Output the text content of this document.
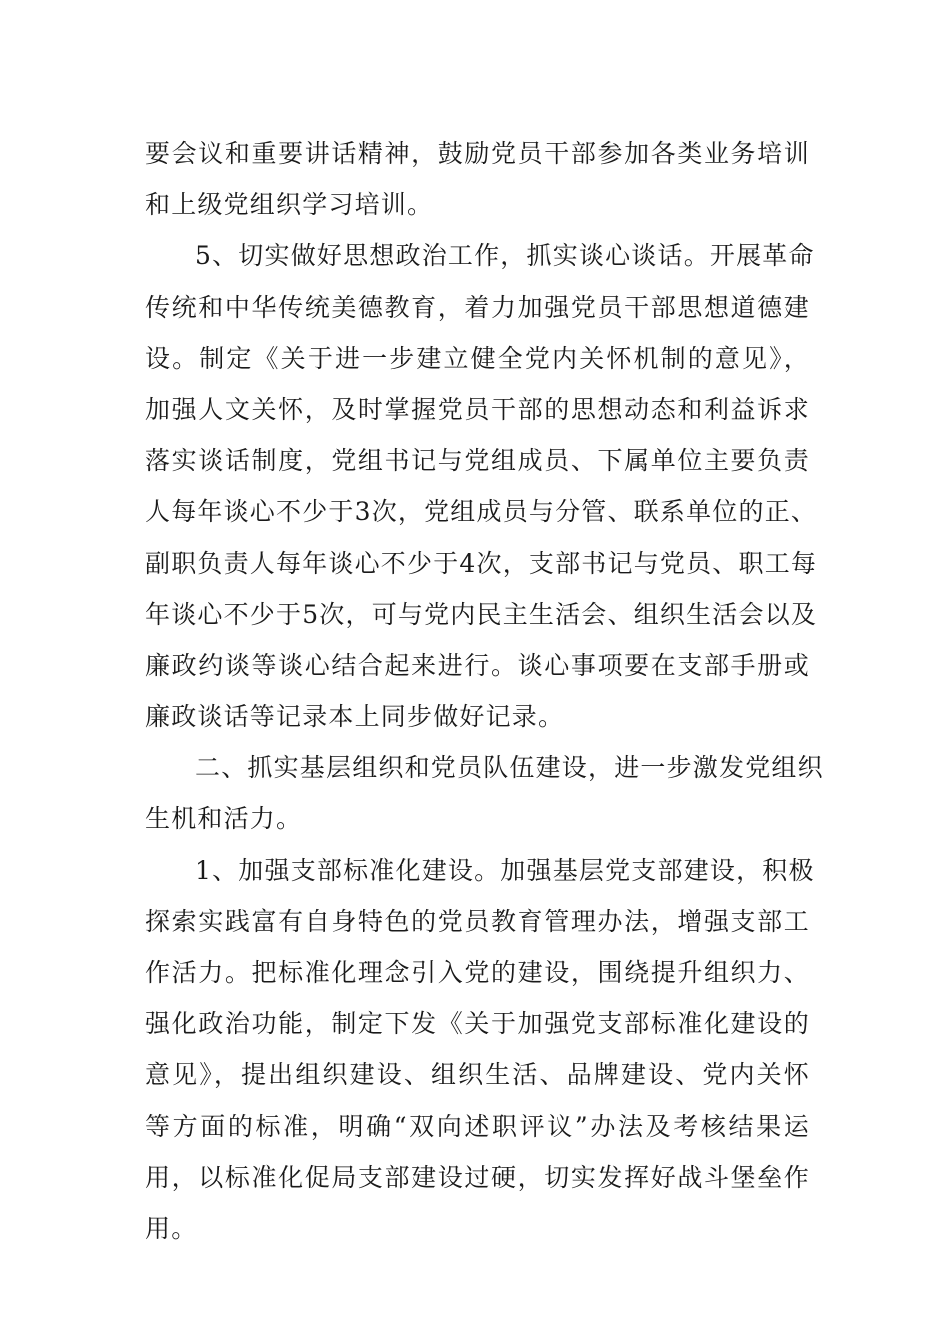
要会议和重要讲话精神，鼓励党员干部参加各类业务培训
和上级党组织学习培训。
5、切实做好思想政治工作，抓实谈心谈话。开展革命
传统和中华传统美德教育，着力加强党员干部思想道德建
设。制定《关于进一步建立健全党内关怀机制的意见》，
加强人文关怀，及时掌握党员干部的思想动态和利益诉求
落实谈话制度，党组书记与党组成员、下属单位主要负责
人每年谈心不少于3次，党组成员与分管、联系单位的正、
副职负责人每年谈心不少于4次，支部书记与党员、职工每
年谈心不少于5次，可与党内民主生活会、组织生活会以及
廉政约谈等谈心结合起来进行。谈心事项要在支部手册或
廉政谈话等记录本上同步做好记录。
二、抓实基层组织和党员队伍建设，进一步激发党组织
生机和活力。
1、加强支部标准化建设。加强基层党支部建设，积极
探索实践富有自身特色的党员教育管理办法，增强支部工
作活力。把标准化理念引入党的建设，围绕提升组织力、
强化政治功能，制定下发《关于加强党支部标准化建设的
意见》，提出组织建设、组织生活、品牌建设、党内关怀
等方面的标准，明确“双向述职评议”办法及考核结果运
用，以标准化促局支部建设过硬，切实发挥好战斗堡垒作
用。
